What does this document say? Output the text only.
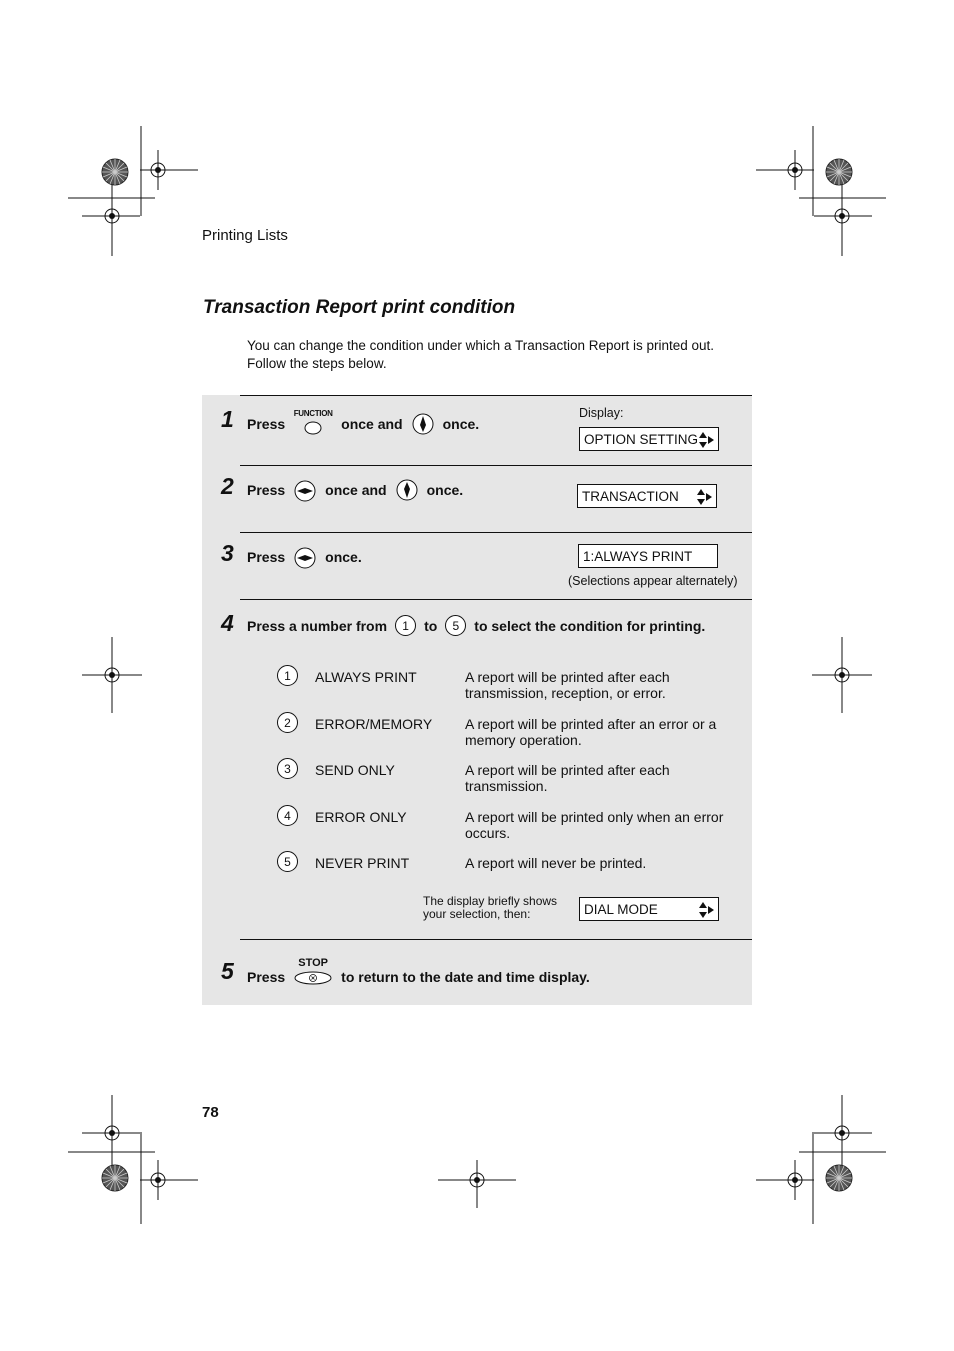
Printing Lists
Transaction Report print condition
You can change the condition under which a Transaction Report is printed out.
Follow the steps below.
1 Press
FUNCTION
once and	once.
Display:
OPTION SETTING
2 Press	once and	once.	TRANSACTION
3 Press	once.	1:ALWAYS PRINT
(Selections appear alternately)
4 Press a number from	1	to	5	to select the condition for printing.
1	ALWAYS PRINT	A report will be printed after each
transmission, reception, or error.
2	ERROR/MEMORY A report will be printed after an error or a
memory operation.
3	SEND ONLY	A report will be printed after each
transmission.
4	ERROR ONLY	A report will be printed only when an error
occurs.
5	NEVER PRINT	A report will never be printed.
The display briefly shows
your selection, then:	DIAL MODE
5 Press
STOP
to return to the date and time display.
78
